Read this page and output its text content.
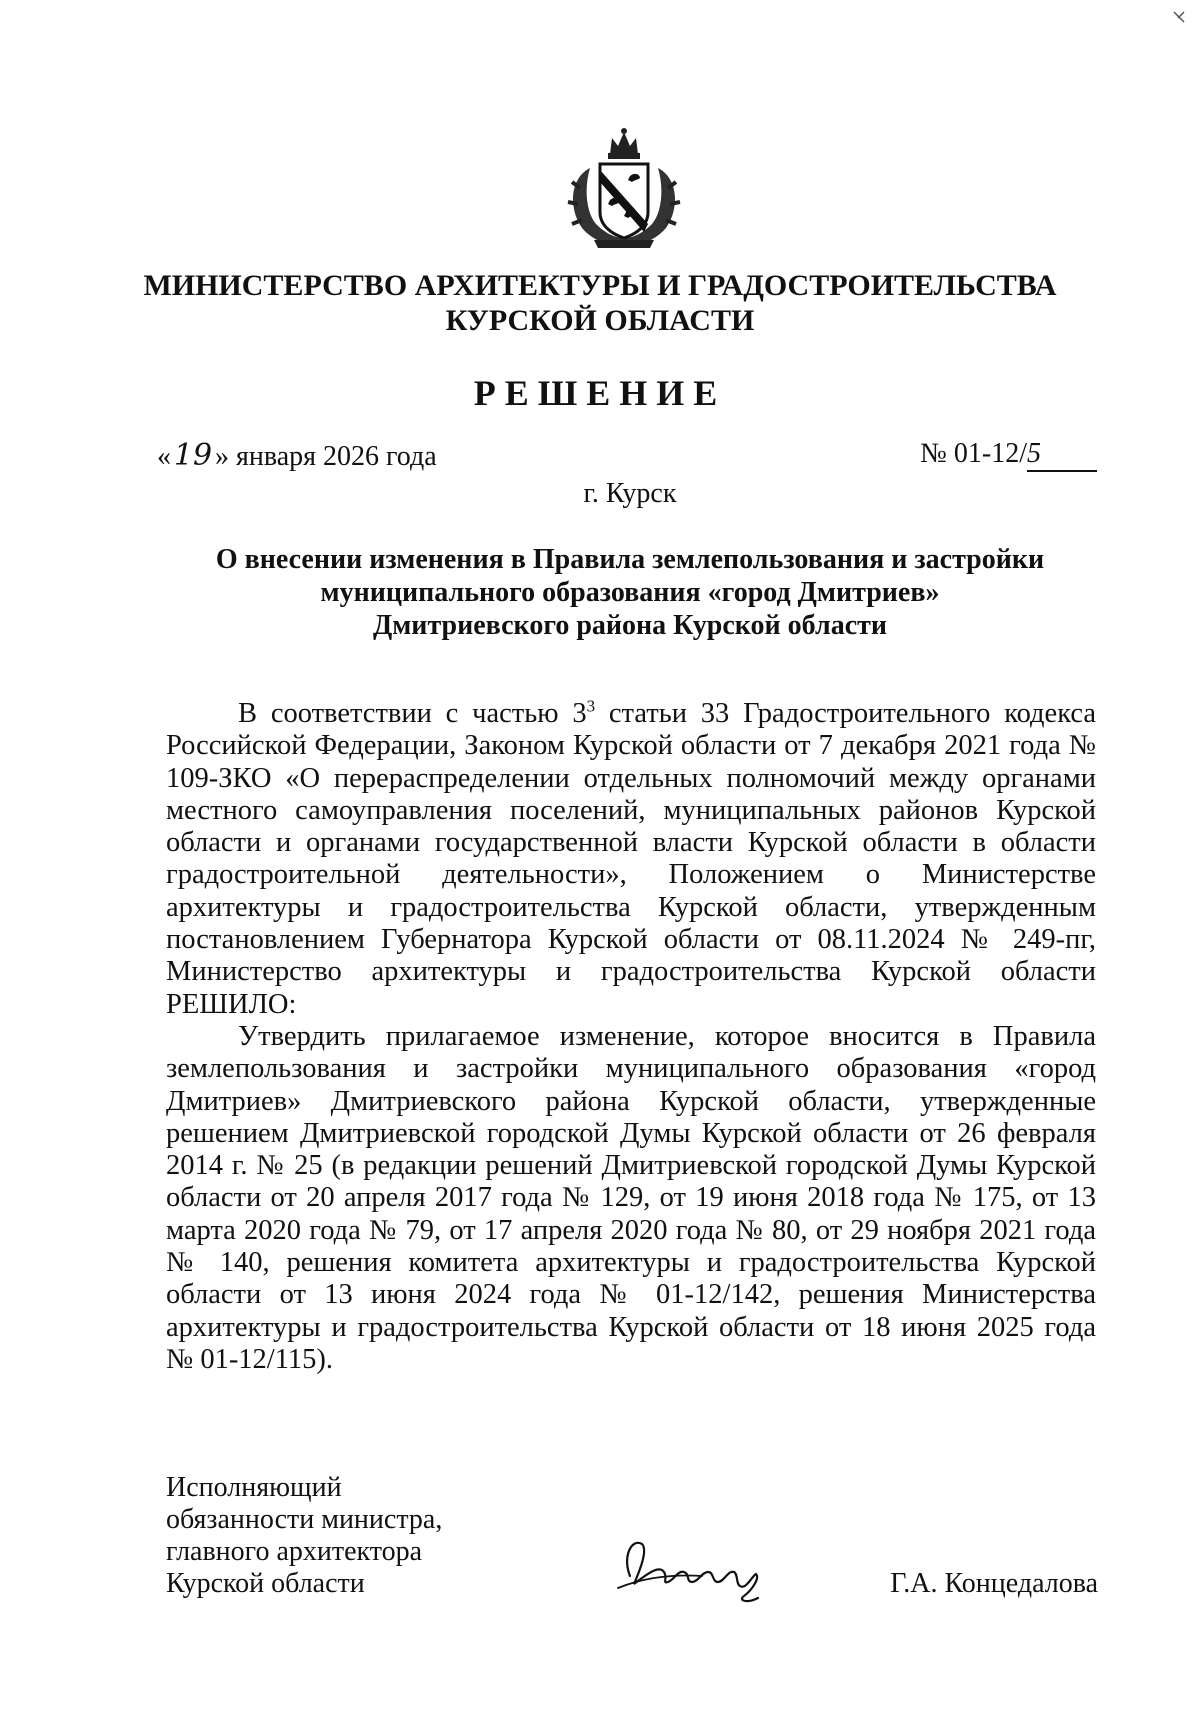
МИНИСТЕРСТВО АРХИТЕКТУРЫ И ГРАДОСТРОИТЕЛЬСТВА
КУРСКОЙ ОБЛАСТИ
РЕШЕНИЕ
«19 » января 2026 года	№ 01-12/5
г. Курск
О внесении изменения в Правила землепользования и застройки
муниципального образования «город Дмитриев»
Дмитриевского района Курской области

В соответствии с частью $3^3$ статьи 33 Градостроительного кодекса Российской Федерации, Законом Курской области от 7 декабря 2021 года № 109-ЗКО «О перераспределении отдельных полномочий между органами местного самоуправления поселений, муниципальных районов Курской области и органами государственной власти Курской области в области градостроительной деятельности», Положением о Министерстве архитектуры и градостроительства Курской области, утвержденным постановлением Губернатора Курской области от 08.11.2024 № 249-пг, Министерство архитектуры и градостроительства Курской области РЕШИЛО:

Утвердить прилагаемое изменение, которое вносится в Правила землепользования и застройки муниципального образования «город Дмитриев» Дмитриевского района Курской области, утвержденные решением Дмитриевской городской Думы Курской области от 26 февраля 2014 г. № 25 (в редакции решений Дмитриевской городской Думы Курской области от 20 апреля 2017 года № 129, от 19 июня 2018 года № 175, от 13 марта 2020 года № 79, от 17 апреля 2020 года № 80, от 29 ноября 2021 года № 140, решения комитета архитектуры и градостроительства Курской области от 13 июня 2024 года № 01-12/142, решения Министерства архитектуры и градостроительства Курской области от 18 июня 2025 года № 01-12/115).

Исполняющий
обязанности министра,
главного архитектора
Курской области	Г.А. Концедалова
